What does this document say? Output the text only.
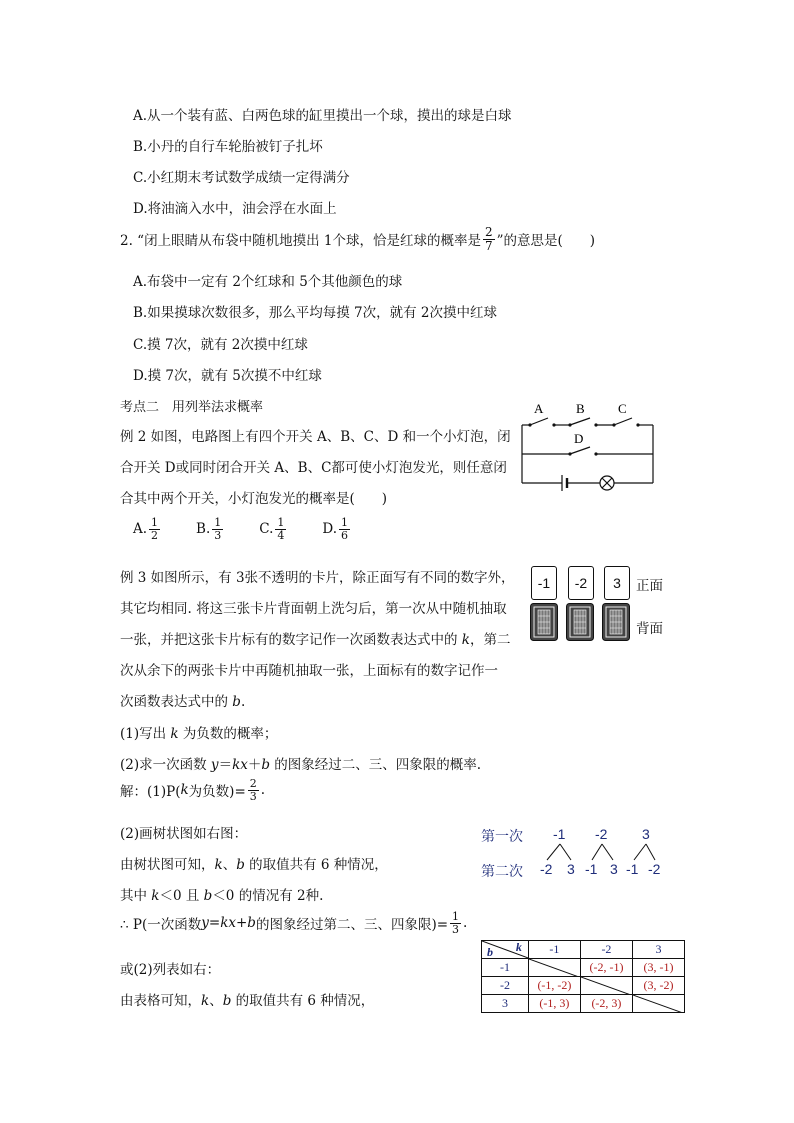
A.从一个装有蓝、白两色球的缸里摸出一个球，摸出的球是白球
B.小丹的自行车轮胎被钉子扎坏
C.小红期末考试数学成绩一定得满分
D.将油滴入水中，油会浮在水面上
2. “闭上眼睛从布袋中随机地摸出 1个球，恰是红球的概率是 $\frac{2}{7}$ ”的意思是(　　)
A.布袋中一定有 2个红球和 5个其他颜色的球
B.如果摸球次数很多，那么平均每摸 7次，就有 2次摸中红球
C.摸 7次，就有 2次摸中红球
D.摸 7次，就有 5次摸不中红球
考点二　用列举法求概率
例 2 如图，电路图上有四个开关 A、B、C、D 和一个小灯泡，闭
合开关 D或同时闭合开关 A、B、C都可使小灯泡发光，则任意闭
合其中两个开关，小灯泡发光的概率是(　　)
A. $\frac{1}{2}$	B. $\frac{1}{3}$	C. $\frac{1}{4}$	D. $\frac{1}{6}$
A	B	C
D
例 3 如图所示，有 3张不透明的卡片，除正面写有不同的数字外，
其它均相同. 将这三张卡片背面朝上洗匀后，第一次从中随机抽取
一张，并把这张卡片标有的数字记作一次函数表达式中的 k，第二
次从余下的两张卡片中再随机抽取一张，上面标有的数字记作一
次函数表达式中的 b.
-1	-2	3	正面
背面
(1)写出 k 为负数的概率；
(2)求一次函数 y＝kx＋b 的图象经过二、三、四象限的概率.
解：(1)P( k 为负数)= $\frac{2}{3}$ .
(2)画树状图如右图：
由树状图可知，k、b 的取值共有 6 种情况，
其中 k＜0 且 b＜0 的情况有 2种.
∴ P(一次函数 y = kx + b 的图象经过第二、三、四象限)= $\frac{1}{3}$ .
或(2)列表如右：
由表格可知，k、b 的取值共有 6 种情况，
第一次
第二次
-1 -2 3
-2 3 -1 3 -1 -2
k
b	-1	-2	3
-1		(-2, -1)	(3, -1)
-2	(-1, -2)		(3, -2)
3	(-1, 3)	(-2, 3)	
